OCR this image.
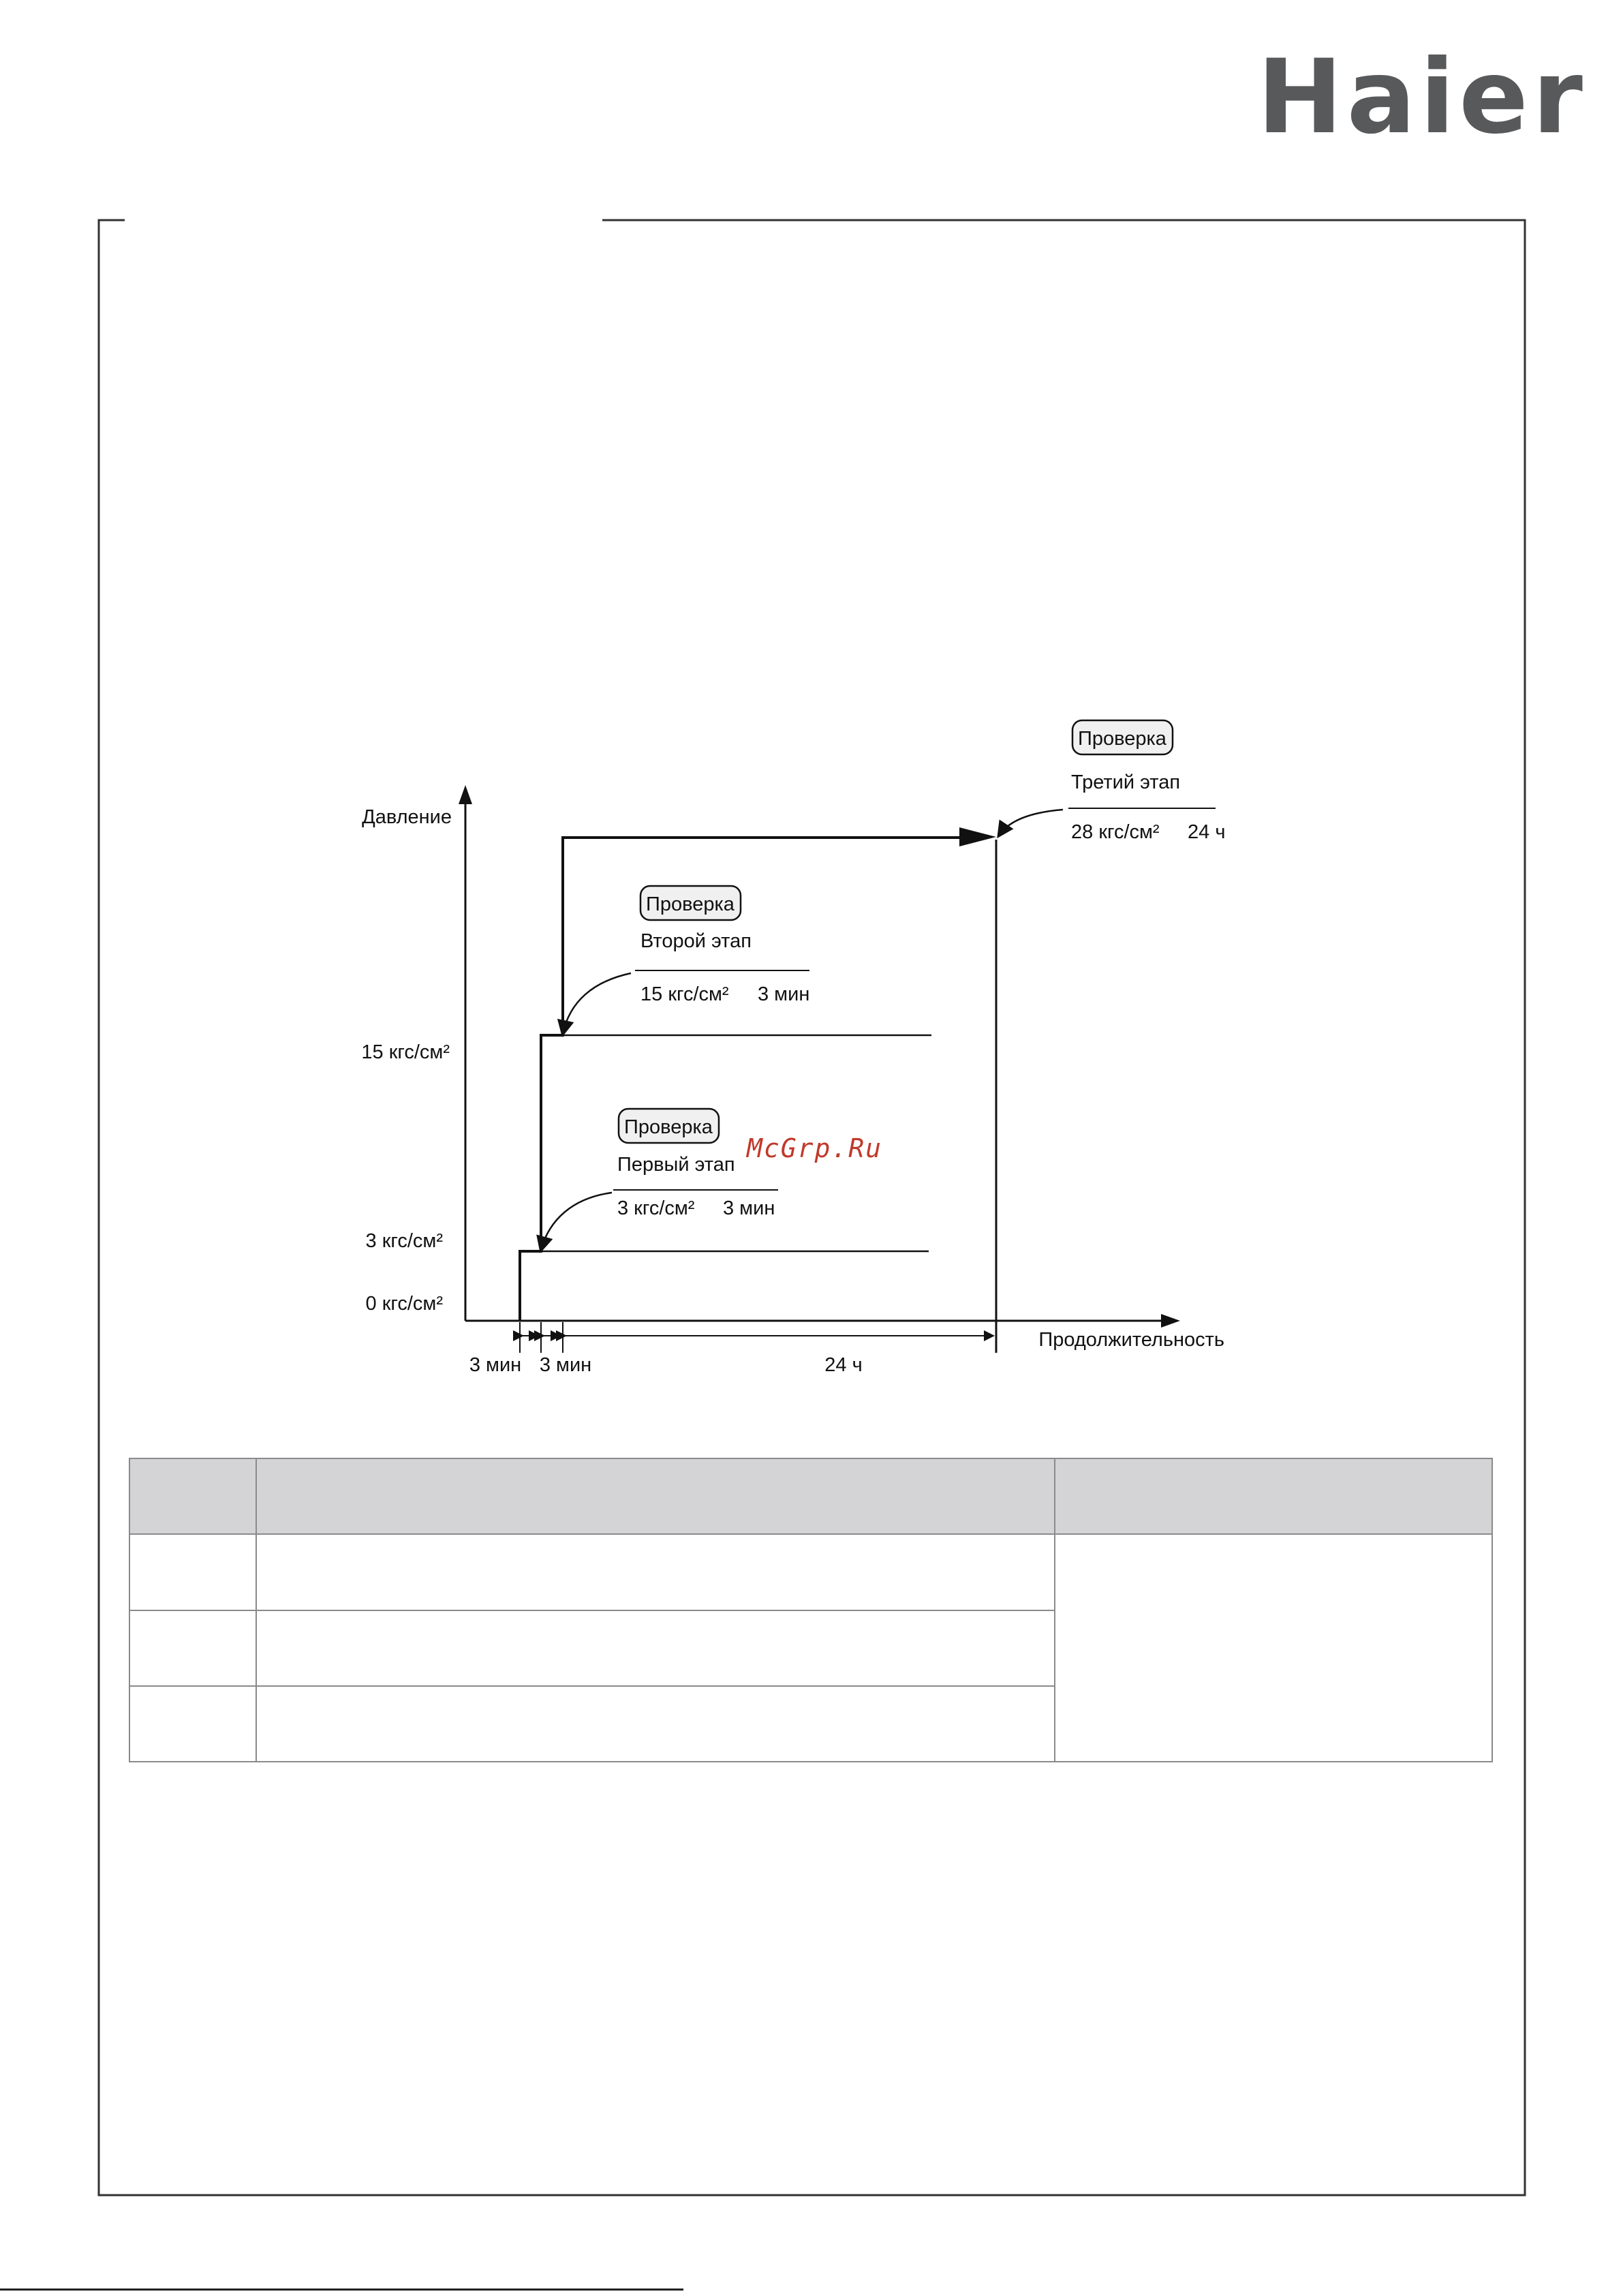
Haier
Давление
Продолжительность
15 кгс/см²
3 кгс/см²
0 кгс/см²
3 мин 3 мин	24 ч
Проверка
Первый этап
3 кгс/см² 3 мин
Проверка
Второй этап
15 кгс/см² 3 мин
Проверка
Третий этап
28 кгс/см² 24 ч
McGrp.Ru
